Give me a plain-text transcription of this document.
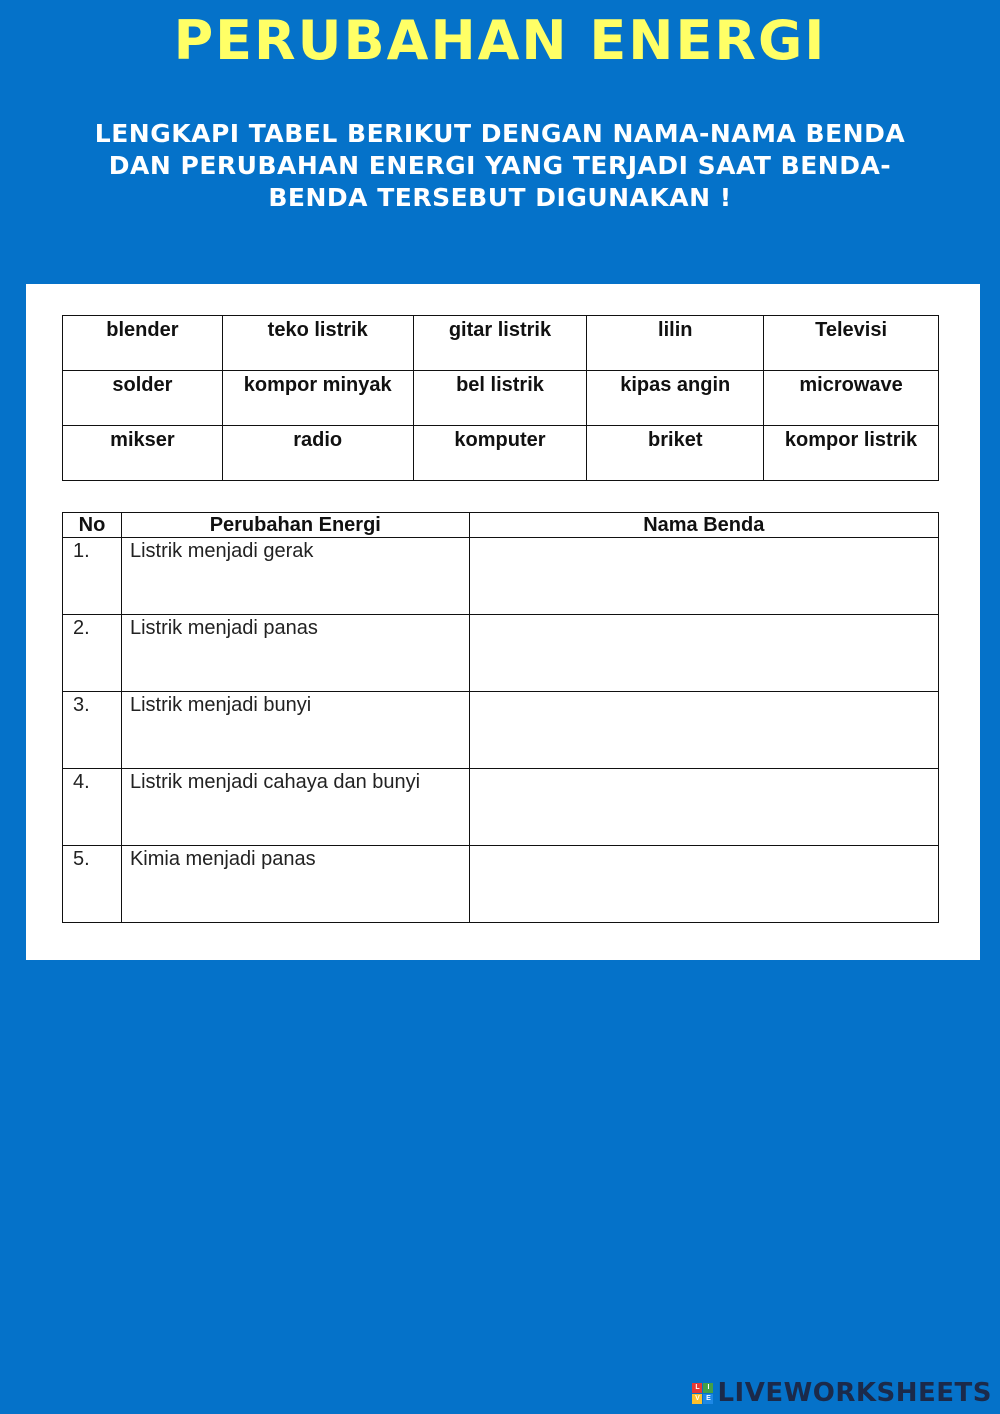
PERUBAHAN ENERGI
LENGKAPI TABEL BERIKUT DENGAN NAMA-NAMA BENDA DAN PERUBAHAN ENERGI YANG TERJADI SAAT BENDA-BENDA TERSEBUT DIGUNAKAN !
blender	teko listrik	gitar listrik	lilin	Televisi
solder	kompor minyak	bel listrik	kipas angin	microwave
mikser	radio	komputer	briket	kompor listrik
No	Perubahan Energi	Nama Benda
1.	Listrik menjadi gerak	
2.	Listrik menjadi panas	
3.	Listrik menjadi bunyi	
4.	Listrik menjadi cahaya dan bunyi	
5.	Kimia menjadi panas	
L	I
V E LIVEWORKSHEETS
